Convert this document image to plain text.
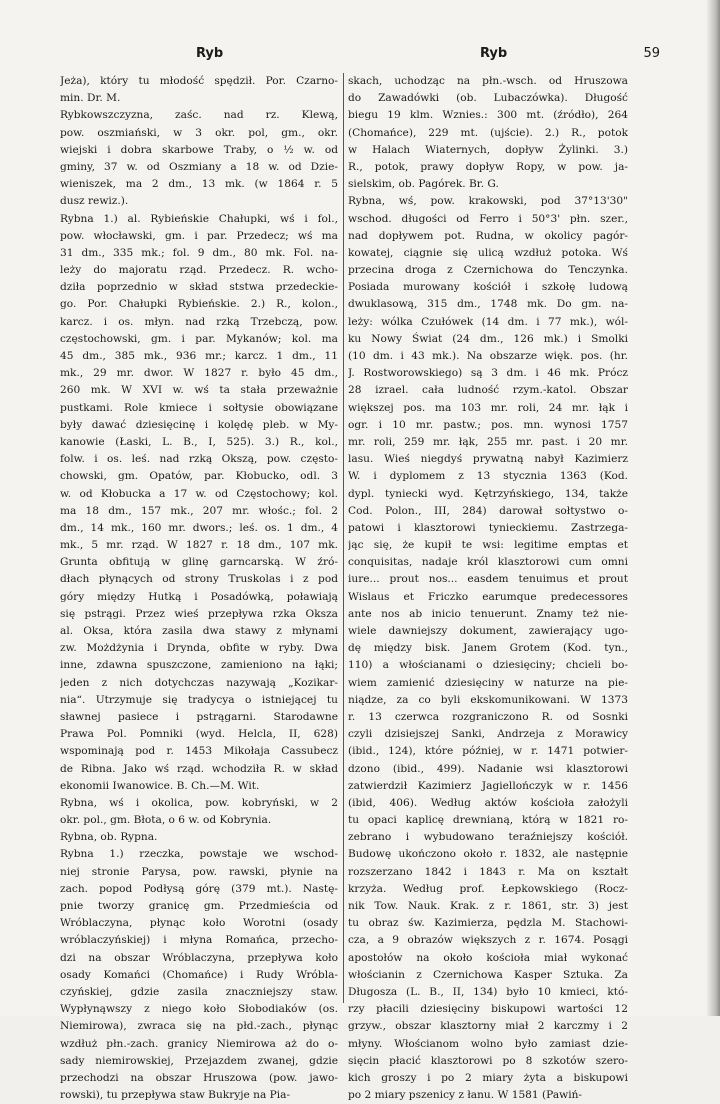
Ryb	Ryb	59
Jeża), który tu młodość spędził. Por. Czarno-
min. Dr. M.
Rybkowszczyzna, zaśc. nad rz. Klewą,
pow. oszmiański, w 3 okr. pol, gm., okr.
wiejski i dobra skarbowe Traby, o ½ w. od
gminy, 37 w. od Oszmiany a 18 w. od Dzie-
wieniszek, ma 2 dm., 13 mk. (w 1864 r. 5
dusz rewiz.).
Rybna 1.) al. Rybieńskie Chałupki, wś i fol.,
pow. włocławski, gm. i par. Przedecz; wś ma
31 dm., 335 mk.; fol. 9 dm., 80 mk. Fol. na-
leży do majoratu rząd. Przedecz. R. wcho-
dziła poprzednio w skład ststwa przedeckie-
go. Por. Chałupki Rybieńskie. 2.) R., kolon.,
karcz. i os. młyn. nad rzką Trzebczą, pow.
częstochowski, gm. i par. Mykanów; kol. ma
45 dm., 385 mk., 936 mr.; karcz. 1 dm., 11
mk., 29 mr. dwor. W 1827 r. było 45 dm.,
260 mk. W XVI w. wś ta stała przeważnie
pustkami. Role kmiece i sołtysie obowiązane
były dawać dziesięcinę i kolędę pleb. w My-
kanowie (Łaski, L. B., I, 525). 3.) R., kol.,
folw. i os. leś. nad rzką Okszą, pow. często-
chowski, gm. Opatów, par. Kłobucko, odl. 3
w. od Kłobucka a 17 w. od Częstochowy; kol.
ma 18 dm., 157 mk., 207 mr. włośc.; fol. 2
dm., 14 mk., 160 mr. dwors.; leś. os. 1 dm., 4
mk., 5 mr. rząd. W 1827 r. 18 dm., 107 mk.
Grunta obfitują w glinę garncarską. W źró-
dłach płynących od strony Truskolas i z pod
góry między Hutką i Posadówką, poławiają
się pstrągi. Przez wieś przepływa rzka Oksza
al. Oksa, która zasila dwa stawy z młynami
zw. Możdżynia i Drynda, obfite w ryby. Dwa
inne, zdawna spuszczone, zamieniono na łąki;
jeden z nich dotychczas nazywają „Kozikar-
nia“. Utrzymuje się tradycya o istniejącej tu
sławnej pasiece i pstrągarni. Starodawne
Prawa Pol. Pomniki (wyd. Helcla, II, 628)
wspominają pod r. 1453 Mikołaja Cassubecz
de Ribna. Jako wś rząd. wchodziła R. w skład
ekonomii Iwanowice. B. Ch.—M. Wit.
Rybna, wś i okolica, pow. kobryński, w 2
okr. pol., gm. Błota, o 6 w. od Kobrynia.
Rybna, ob. Rypna.
Rybna 1.) rzeczka, powstaje we wschod-
niej stronie Parysa, pow. rawski, płynie na
zach. popod Podłysą górę (379 mt.). Nastę-
pnie tworzy granicę gm. Przedmieścia od
Wróblaczyna, płynąc koło Worotni (osady
wróblaczyńskiej) i młyna Romańca, przecho-
dzi na obszar Wróblaczyna, przepływa koło
osady Komańci (Chomańce) i Rudy Wróbla-
czyńskiej, gdzie zasila znaczniejszy staw.
Wypłynąwszy z niego koło Słobodiaków (os.
Niemirowa), zwraca się na płd.-zach., płynąc
wzdłuż płn.-zach. granicy Niemirowa aż do o-
sady niemirowskiej, Przejazdem zwanej, gdzie
przechodzi na obszar Hruszowa (pow. jawo-
rowski), tu przepływa staw Bukryje na Pia-
skach, uchodząc na płn.-wsch. od Hruszowa
do Zawadówki (ob. Lubaczówka). Długość
biegu 19 klm. Wznies.: 300 mt. (źródło), 264
(Chomańce), 229 mt. (ujście). 2.) R., potok
w Halach Wiaternych, dopływ Żylinki. 3.)
R., potok, prawy dopływ Ropy, w pow. ja-
sielskim, ob. Pagórek. Br. G.
Rybna, wś, pow. krakowski, pod 37°13'30"
wschod. długości od Ferro i 50°3' płn. szer.,
nad dopływem pot. Rudna, w okolicy pagór-
kowatej, ciągnie się ulicą wzdłuż potoka. Wś
przecina droga z Czernichowa do Tenczynka.
Posiada murowany kościół i szkołę ludową
dwuklasową, 315 dm., 1748 mk. Do gm. na-
leży: wólka Czułówek (14 dm. i 77 mk.), wól-
ku Nowy Świat (24 dm., 126 mk.) i Smolki
(10 dm. i 43 mk.). Na obszarze więk. pos. (hr.
J. Rostworowskiego) są 3 dm. i 46 mk. Prócz
28 izrael. cała ludność rzym.-katol. Obszar
większej pos. ma 103 mr. roli, 24 mr. łąk i
ogr. i 10 mr. pastw.; pos. mn. wynosi 1757
mr. roli, 259 mr. łąk, 255 mr. past. i 20 mr.
lasu. Wieś niegdyś prywatną nabył Kazimierz
W. i dyplomem z 13 stycznia 1363 (Kod.
dypl. tyniecki wyd. Kętrzyńskiego, 134, także
Cod. Polon., III, 284) darował sołtystwo o-
patowi i klasztorowi tynieckiemu. Zastrzega-
jąc się, że kupił te wsi: legitime emptas et
conquisitas, nadaje król klasztorowi cum omni
iure... prout nos... easdem tenuimus et prout
Wislaus et Friczko earumque predecessores
ante nos ab inicio tenuerunt. Znamy też nie-
wiele dawniejszy dokument, zawierający ugo-
dę między bisk. Janem Grotem (Kod. tyn.,
110) a włościanami o dziesięciny; chcieli bo-
wiem zamienić dziesięciny w naturze na pie-
niądze, za co byli ekskomunikowani. W 1373
r. 13 czerwca rozgraniczono R. od Sosnki
czyli dzisiejszej Sanki, Andrzeja z Morawicy
(ibid., 124), które później, w r. 1471 potwier-
dzono (ibid., 499). Nadanie wsi klasztorowi
zatwierdził Kazimierz Jagiellończyk w r. 1456
(ibid, 406). Według aktów kościoła założyli
tu opaci kaplicę drewnianą, którą w 1821 ro-
zebrano i wybudowano teraźniejszy kościół.
Budowę ukończono około r. 1832, ale następnie
rozszerzano 1842 i 1843 r. Ma on kształt
krzyża. Według prof. Łepkowskiego (Rocz-
nik Tow. Nauk. Krak. z r. 1861, str. 3) jest
tu obraz św. Kazimierza, pędzla M. Stachowi-
cza, a 9 obrazów większych z r. 1674. Posągi
apostołów na około kościoła miał wykonać
włościanin z Czernichowa Kasper Sztuka. Za
Długosza (L. B., II, 134) było 10 kmieci, któ-
rzy płacili dziesięciny biskupowi wartości 12
grzyw., obszar klasztorny miał 2 karczmy i 2
młyny. Włościanom wolno było zamiast dzie-
sięcin płacić klasztorowi po 8 szkotów szero-
kich groszy i po 2 miary żyta a biskupowi
po 2 miary pszenicy z łanu. W 1581 (Pawiń-
